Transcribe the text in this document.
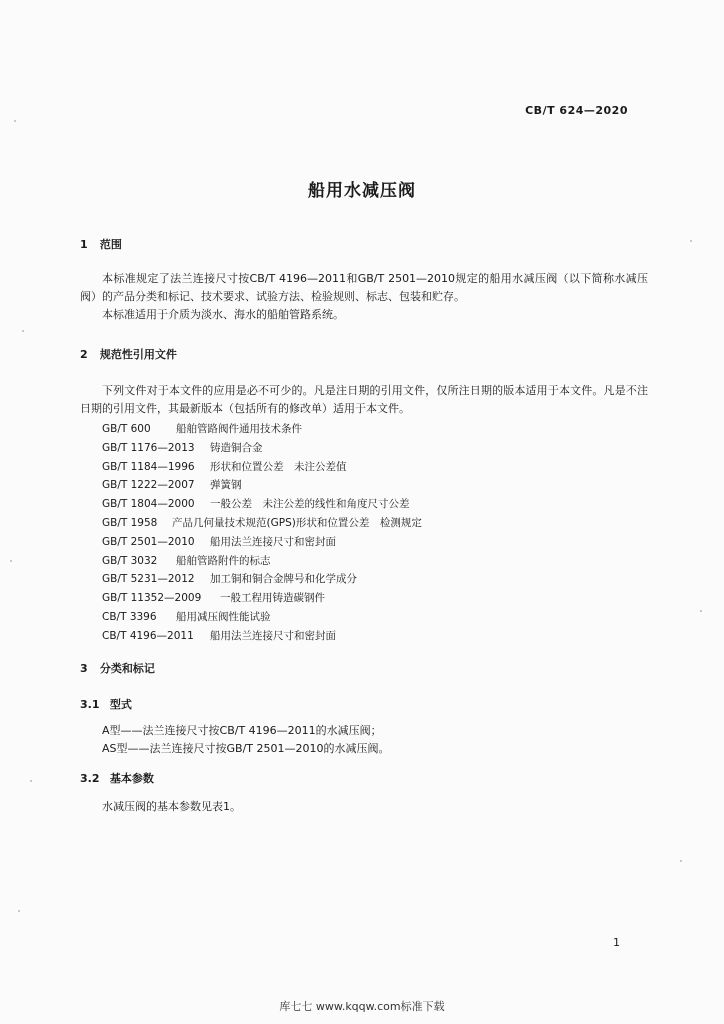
CB/T 624—2020
船用水减压阀
1 范围
本标准规定了法兰连接尺寸按CB/T 4196—2011和GB/T 2501—2010规定的船用水减压阀（以下简称水减压阀）的产品分类和标记、技术要求、试验方法、检验规则、标志、包装和贮存。
本标准适用于介质为淡水、海水的船舶管路系统。
2 规范性引用文件
下列文件对于本文件的应用是必不可少的。凡是注日期的引用文件，仅所注日期的版本适用于本文件。凡是不注日期的引用文件，其最新版本（包括所有的修改单）适用于本文件。
GB/T 600 船舶管路阀件通用技术条件
GB/T 1176—2013 铸造铜合金
GB/T 1184—1996 形状和位置公差　未注公差值
GB/T 1222—2007 弹簧钢
GB/T 1804—2000 一般公差　未注公差的线性和角度尺寸公差
GB/T 1958 产品几何量技术规范(GPS)形状和位置公差　检测规定
GB/T 2501—2010 船用法兰连接尺寸和密封面
GB/T 3032 船舶管路附件的标志
GB/T 5231—2012 加工铜和铜合金牌号和化学成分
GB/T 11352—2009 一般工程用铸造碳钢件
CB/T 3396 船用减压阀性能试验
CB/T 4196—2011 船用法兰连接尺寸和密封面
3 分类和标记
3.1 型式
A型——法兰连接尺寸按CB/T 4196—2011的水减压阀；
AS型——法兰连接尺寸按GB/T 2501—2010的水减压阀。
3.2 基本参数
水减压阀的基本参数见表1。
1
库七七 www.kqqw.com标准下载
